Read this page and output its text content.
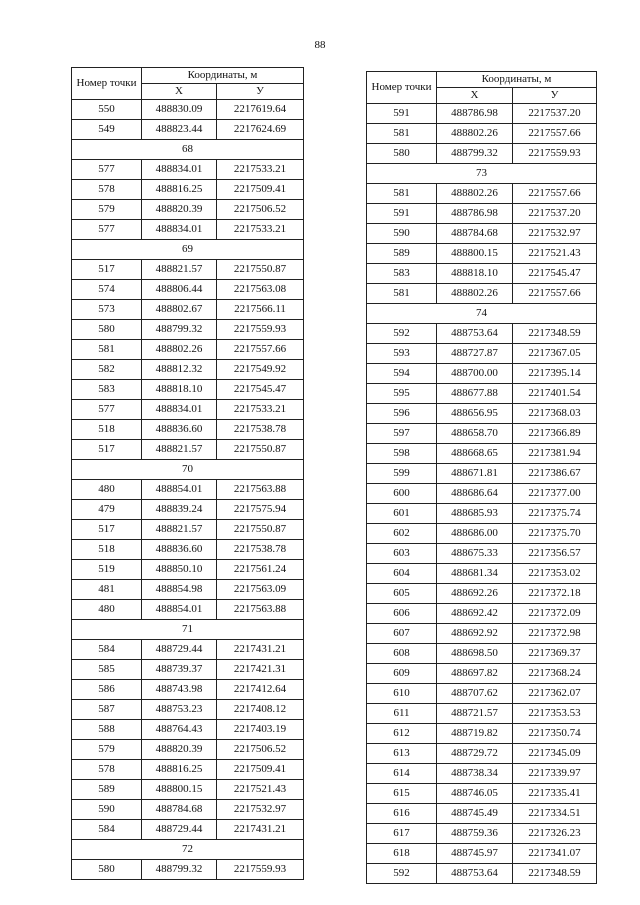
88
Номер точки	Координаты, м	
	X	У
550	488830.09	2217619.64
549	488823.44	2217624.69
68		
577	488834.01	2217533.21
578	488816.25	2217509.41
579	488820.39	2217506.52
577	488834.01	2217533.21
69		
517	488821.57	2217550.87
574	488806.44	2217563.08
573	488802.67	2217566.11
580	488799.32	2217559.93
581	488802.26	2217557.66
582	488812.32	2217549.92
583	488818.10	2217545.47
577	488834.01	2217533.21
518	488836.60	2217538.78
517	488821.57	2217550.87
70		
480	488854.01	2217563.88
479	488839.24	2217575.94
517	488821.57	2217550.87
518	488836.60	2217538.78
519	488850.10	2217561.24
481	488854.98	2217563.09
480	488854.01	2217563.88
71		
584	488729.44	2217431.21
585	488739.37	2217421.31
586	488743.98	2217412.64
587	488753.23	2217408.12
588	488764.43	2217403.19
579	488820.39	2217506.52
578	488816.25	2217509.41
589	488800.15	2217521.43
590	488784.68	2217532.97
584	488729.44	2217431.21
72		
580	488799.32	2217559.93
Номер точки	Координаты, м	
	X	У
591	488786.98	2217537.20
581	488802.26	2217557.66
580	488799.32	2217559.93
73		
581	488802.26	2217557.66
591	488786.98	2217537.20
590	488784.68	2217532.97
589	488800.15	2217521.43
583	488818.10	2217545.47
581	488802.26	2217557.66
74		
592	488753.64	2217348.59
593	488727.87	2217367.05
594	488700.00	2217395.14
595	488677.88	2217401.54
596	488656.95	2217368.03
597	488658.70	2217366.89
598	488668.65	2217381.94
599	488671.81	2217386.67
600	488686.64	2217377.00
601	488685.93	2217375.74
602	488686.00	2217375.70
603	488675.33	2217356.57
604	488681.34	2217353.02
605	488692.26	2217372.18
606	488692.42	2217372.09
607	488692.92	2217372.98
608	488698.50	2217369.37
609	488697.82	2217368.24
610	488707.62	2217362.07
611	488721.57	2217353.53
612	488719.82	2217350.74
613	488729.72	2217345.09
614	488738.34	2217339.97
615	488746.05	2217335.41
616	488745.49	2217334.51
617	488759.36	2217326.23
618	488745.97	2217341.07
592	488753.64	2217348.59
